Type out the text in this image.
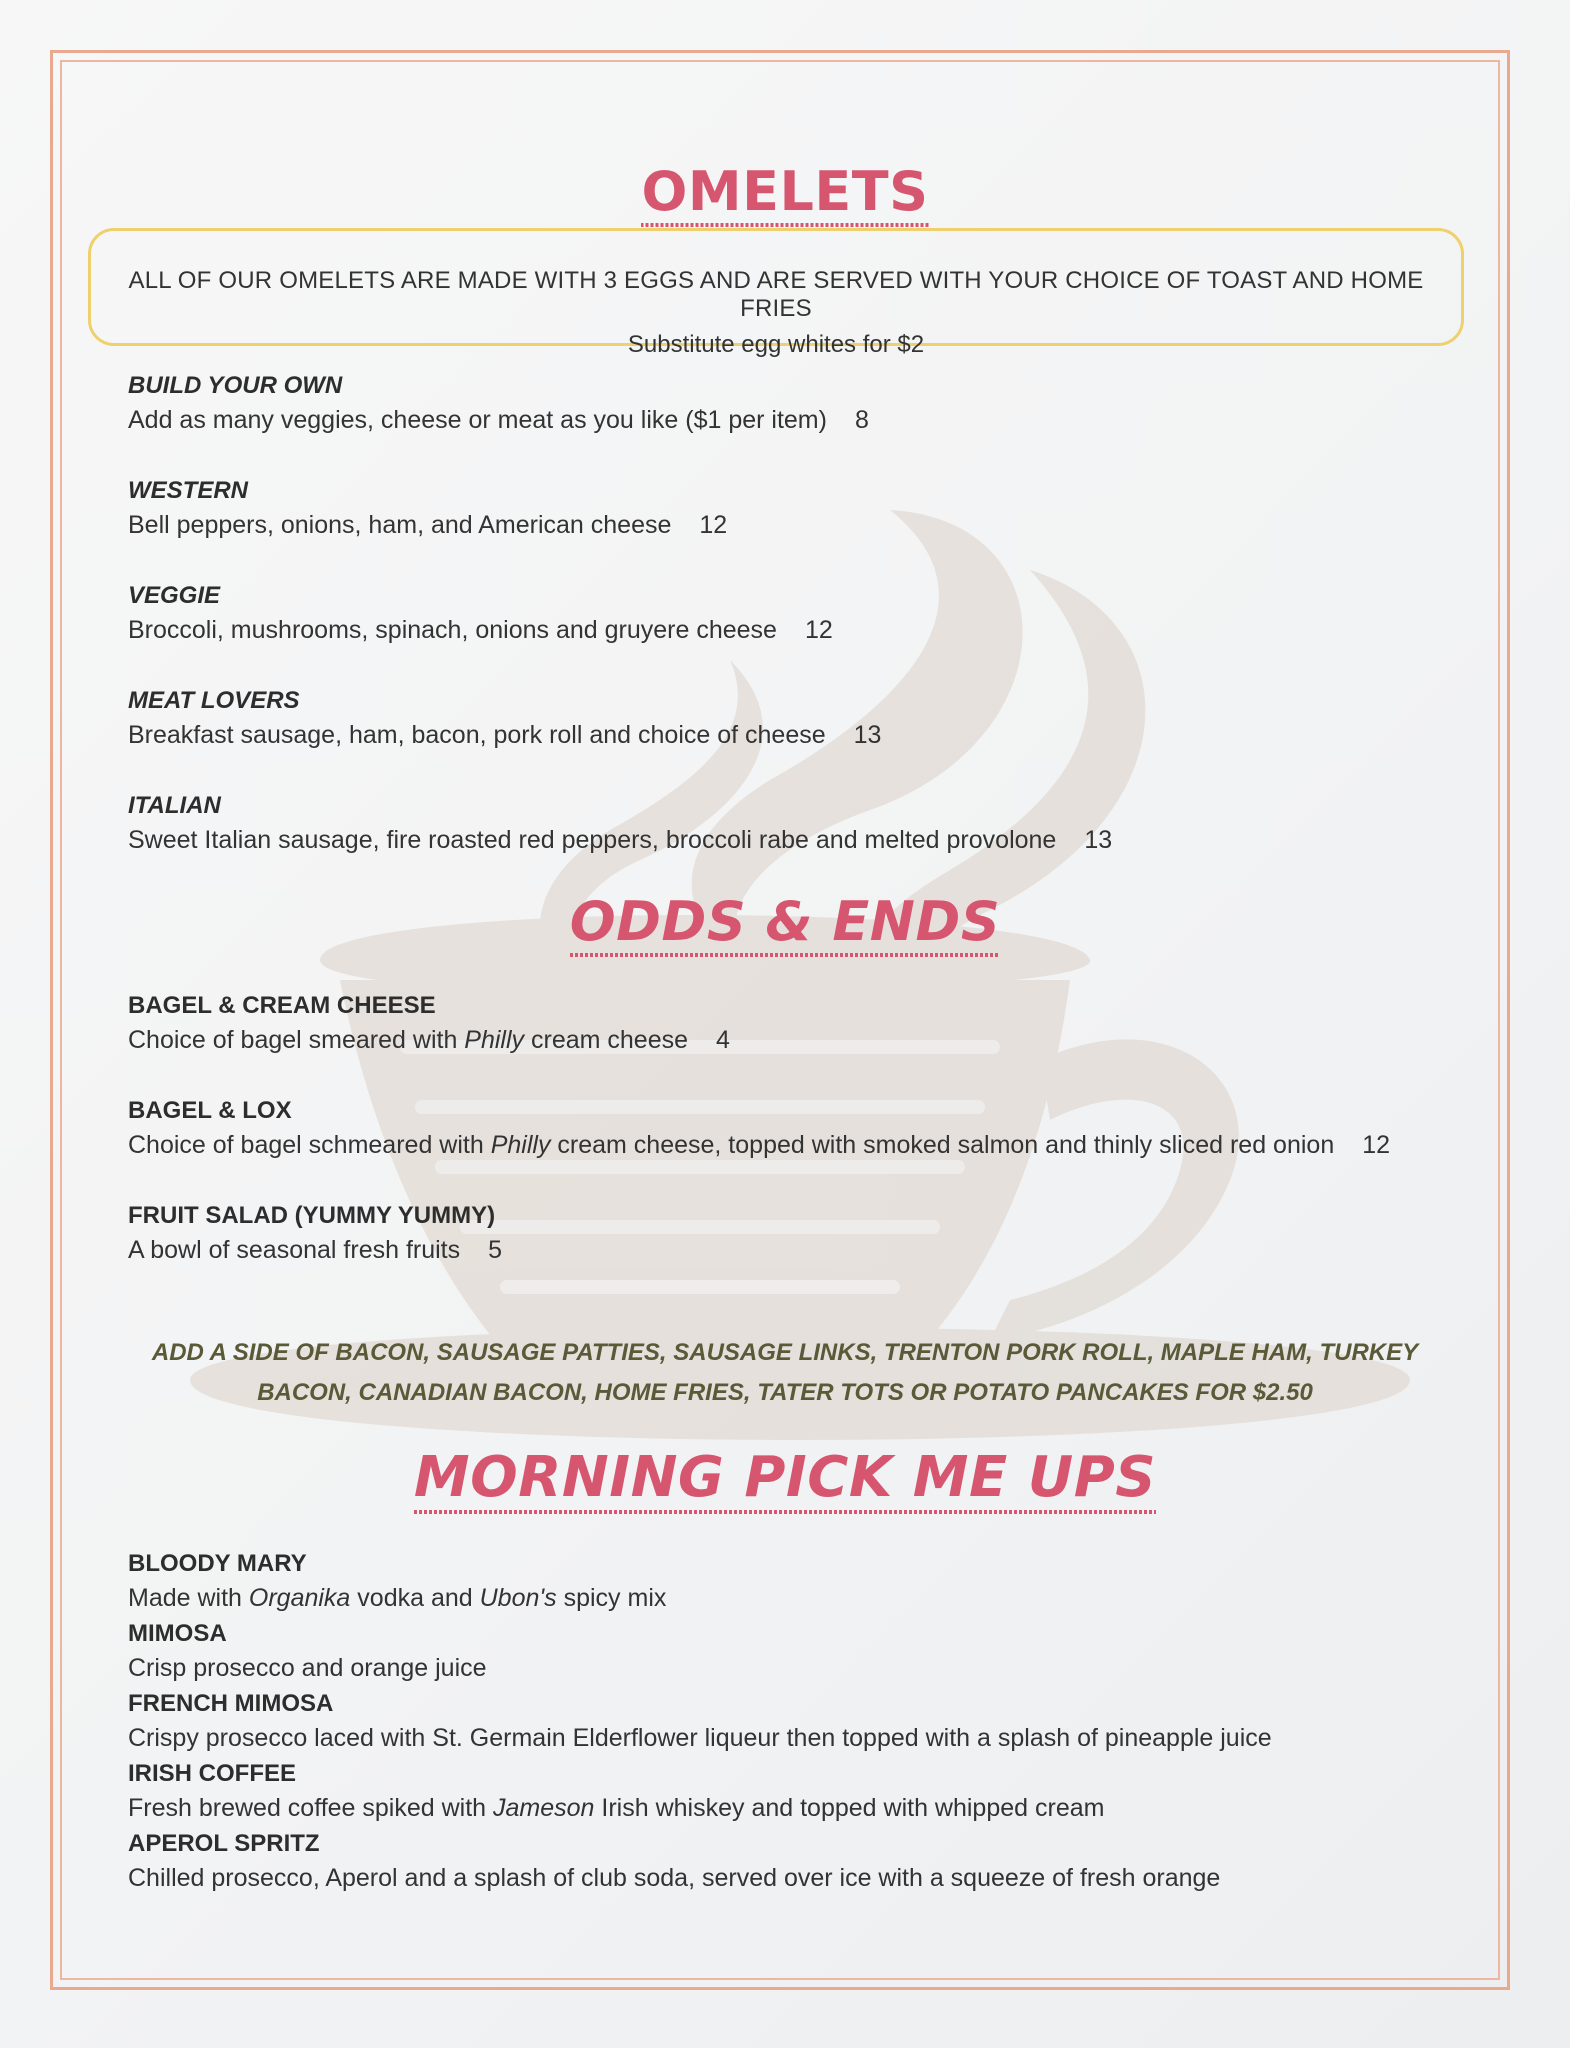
OMELETS
ALL OF OUR OMELETS ARE MADE WITH 3 EGGS AND ARE SERVED WITH YOUR CHOICE OF TOAST AND HOME FRIES
Substitute egg whites for $2
BUILD YOUR OWN
Add as many veggies, cheese or meat as you like ($1 per item) 8
WESTERN
Bell peppers, onions, ham, and American cheese 12
VEGGIE
Broccoli, mushrooms, spinach, onions and gruyere cheese 12
MEAT LOVERS
Breakfast sausage, ham, bacon, pork roll and choice of cheese 13
ITALIAN
Sweet Italian sausage, fire roasted red peppers, broccoli rabe and melted provolone 13
ODDS & ENDS
BAGEL & CREAM CHEESE
Choice of bagel smeared with Philly cream cheese 4
BAGEL & LOX
Choice of bagel schmeared with Philly cream cheese, topped with smoked salmon and thinly sliced red onion 12
FRUIT SALAD (YUMMY YUMMY)
A bowl of seasonal fresh fruits 5
ADD A SIDE OF BACON, SAUSAGE PATTIES, SAUSAGE LINKS, TRENTON PORK ROLL, MAPLE HAM, TURKEY
BACON, CANADIAN BACON, HOME FRIES, TATER TOTS OR POTATO PANCAKES FOR $2.50
MORNING PICK ME UPS
BLOODY MARY
Made with Organika vodka and Ubon's spicy mix
MIMOSA
Crisp prosecco and orange juice
FRENCH MIMOSA
Crispy prosecco laced with St. Germain Elderflower liqueur then topped with a splash of pineapple juice
IRISH COFFEE
Fresh brewed coffee spiked with Jameson Irish whiskey and topped with whipped cream
APEROL SPRITZ
Chilled prosecco, Aperol and a splash of club soda, served over ice with a squeeze of fresh orange
